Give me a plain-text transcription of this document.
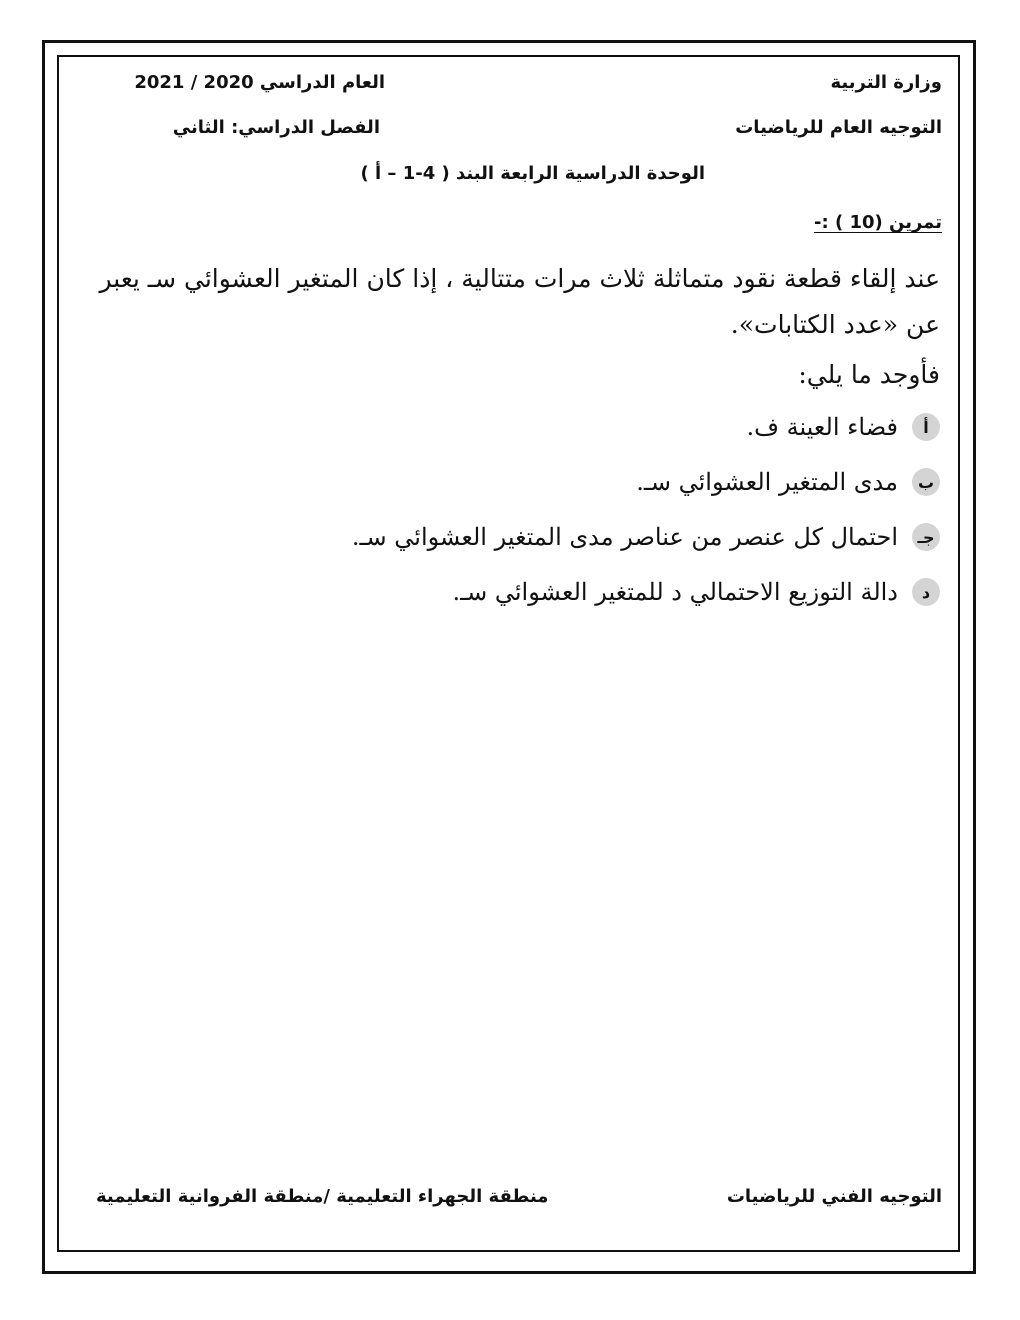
وزارة التربية
العام الدراسي 2020 / 2021
التوجيه العام للرياضيات
الفصل الدراسي: الثاني
الوحدة الدراسية الرابعة البند ( 4-1 – أ )
تمرين (10 ) :-
عند إلقاء قطعة نقود متماثلة ثلاث مرات متتالية ، إذا كان المتغير العشوائي سـ يعبر عن «عدد الكتابات».
فأوجد ما يلي:
أ
فضاء العينة ف.
ب
مدى المتغير العشوائي سـ.
جـ
احتمال كل عنصر من عناصر مدى المتغير العشوائي سـ.
د
دالة التوزيع الاحتمالي د للمتغير العشوائي سـ.
التوجيه الفني للرياضيات
منطقة الجهراء التعليمية /منطقة الفروانية التعليمية
